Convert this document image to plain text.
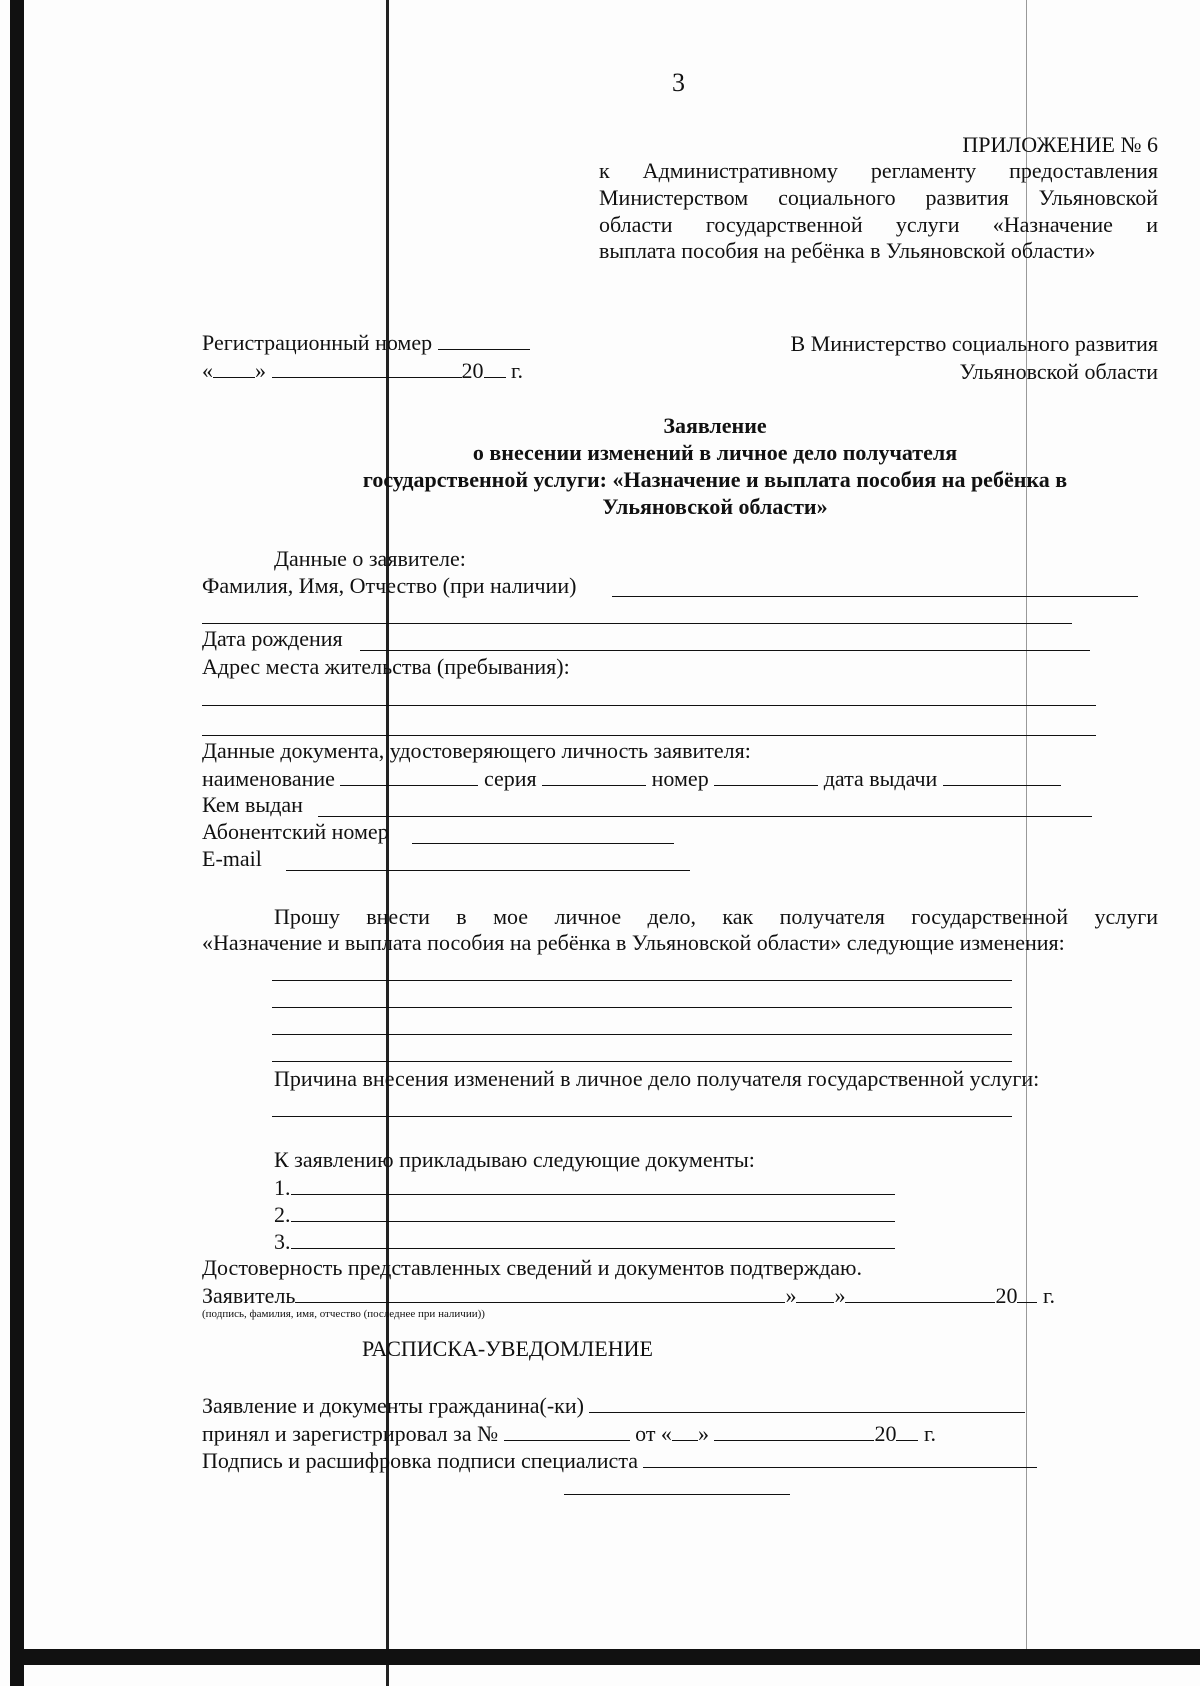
3
ПРИЛОЖЕНИЕ № 6
к Административному регламенту предоставления
Министерством социального развития Ульяновской
области государственной услуги «Назначение и
выплата пособия на ребёнка в Ульяновской области»
Регистрационный номер
« »	20 г.
В Министерство социального развития
Ульяновской области
Заявление
о внесении изменений в личное дело получателя
государственной услуги: «Назначение и выплата пособия на ребёнка в
Ульяновской области»
Данные о заявителе:
Фамилия, Имя, Отчество (при наличии)
Дата рождения
Адрес места жительства (пребывания):
Данные документа, удостоверяющего личность заявителя:
наименование	серия	номер	дата выдачи
Кем выдан
Абонентский номер
E-mail
Прошу внести в мое личное дело, как получателя государственной услуги
«Назначение и выплата пособия на ребёнка в Ульяновской области» следующие изменения:
Причина внесения изменений в личное дело получателя государственной услуги:
К заявлению прикладываю следующие документы:
1.
2.
3.
Достоверность представленных сведений и документов подтверждаю.
Заявитель	» »	20 г.
(подпись, фамилия, имя, отчество (последнее при наличии))
РАСПИСКА-УВЕДОМЛЕНИЕ
Заявление и документы гражданина(-ки)
принял и зарегистрировал за №	от « »	20 г.
Подпись и расшифровка подписи специалиста
